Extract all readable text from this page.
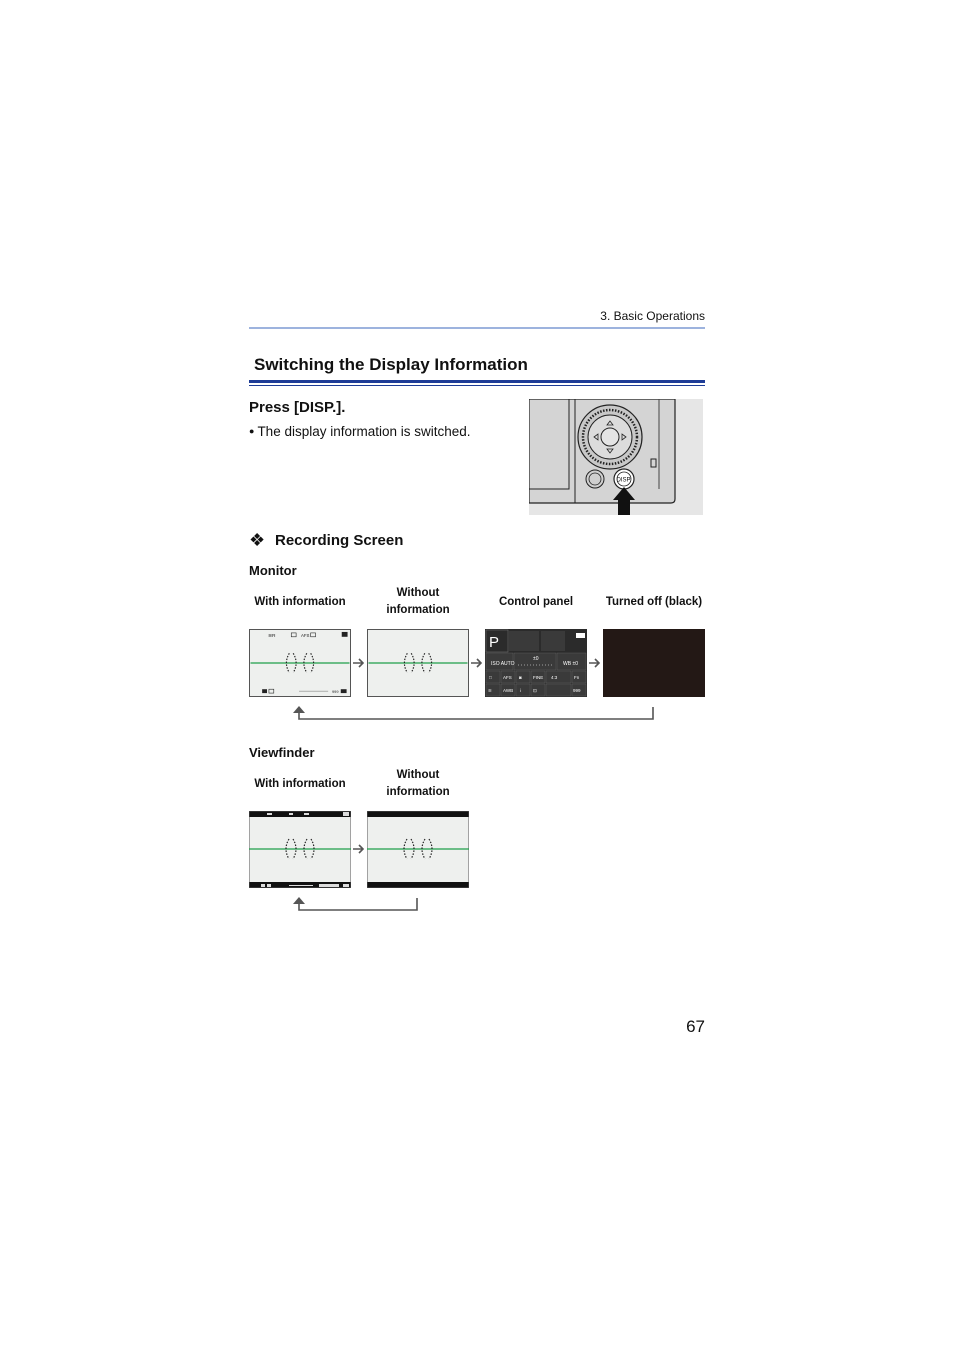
3. Basic Operations
Switching the Display Information
Press [DISP.].
● The display information is switched.
DISP.
❖ Recording Screen
Monitor
With information
Without
information
Control panel	Turned off (black)
≋R	AFS
999
P
ISO AUTO
±0
WB ±0
□	AFS ◙	FINE 4:3	Fn
≋ AWB i	⊡	999
Viewfinder
With information
Without
information
67
